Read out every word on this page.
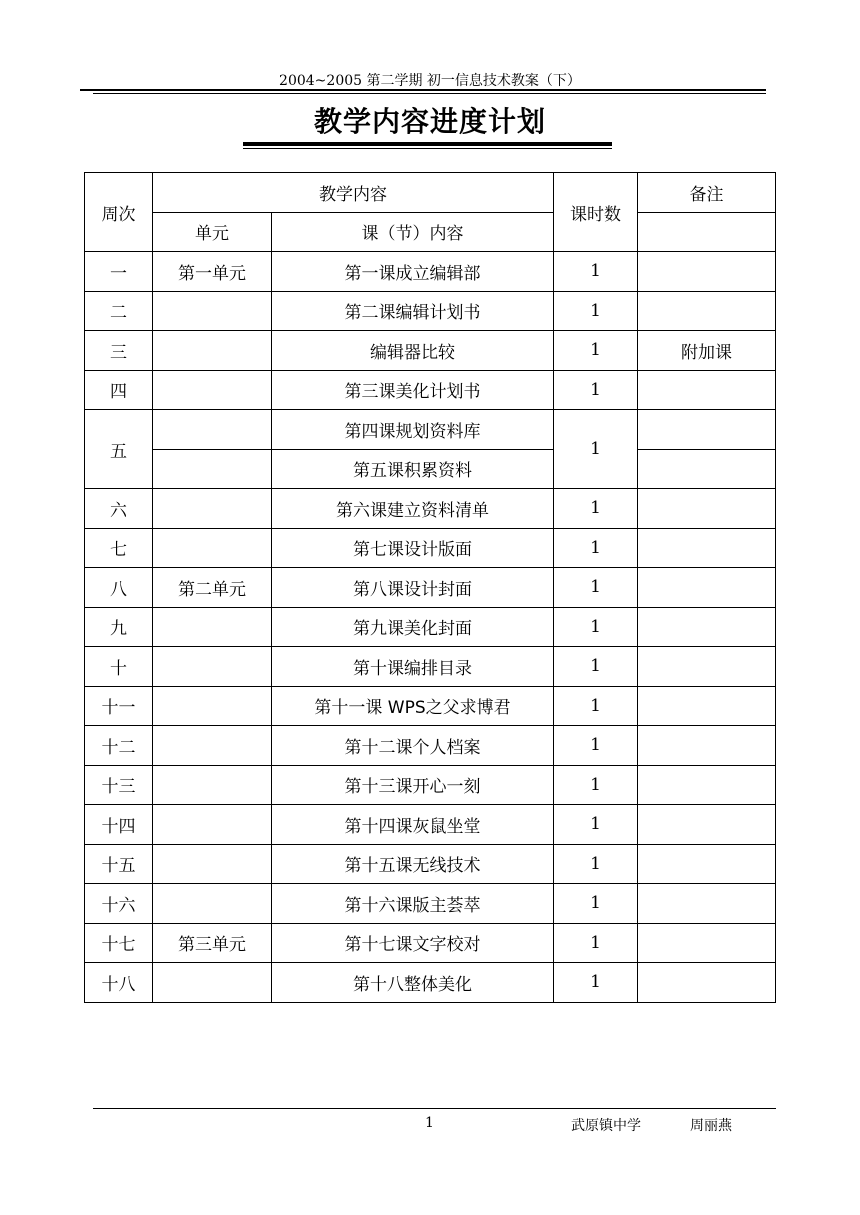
2004~2005 第二学期 初一信息技术教案（下）
教学内容进度计划
周次	教学内容		课时数	备注
	单元	课（节）内容		
一	第一单元	第一课成立编辑部	1	
二		第二课编辑计划书	1	
三		编辑器比较	1	附加课
四		第三课美化计划书	1	
五		第四课规划资料库	1	
		第五课积累资料		
六		第六课建立资料清单	1	
七		第七课设计版面	1	
八	第二单元	第八课设计封面	1	
九		第九课美化封面	1	
十		第十课编排目录	1	
十一		第十一课 WPS之父求博君	1	
十二		第十二课个人档案	1	
十三		第十三课开心一刻	1	
十四		第十四课灰鼠坐堂	1	
十五		第十五课无线技术	1	
十六		第十六课版主荟萃	1	
十七	第三单元	第十七课文字校对	1	
十八		第十八整体美化	1	
1	武原镇中学	周丽燕
